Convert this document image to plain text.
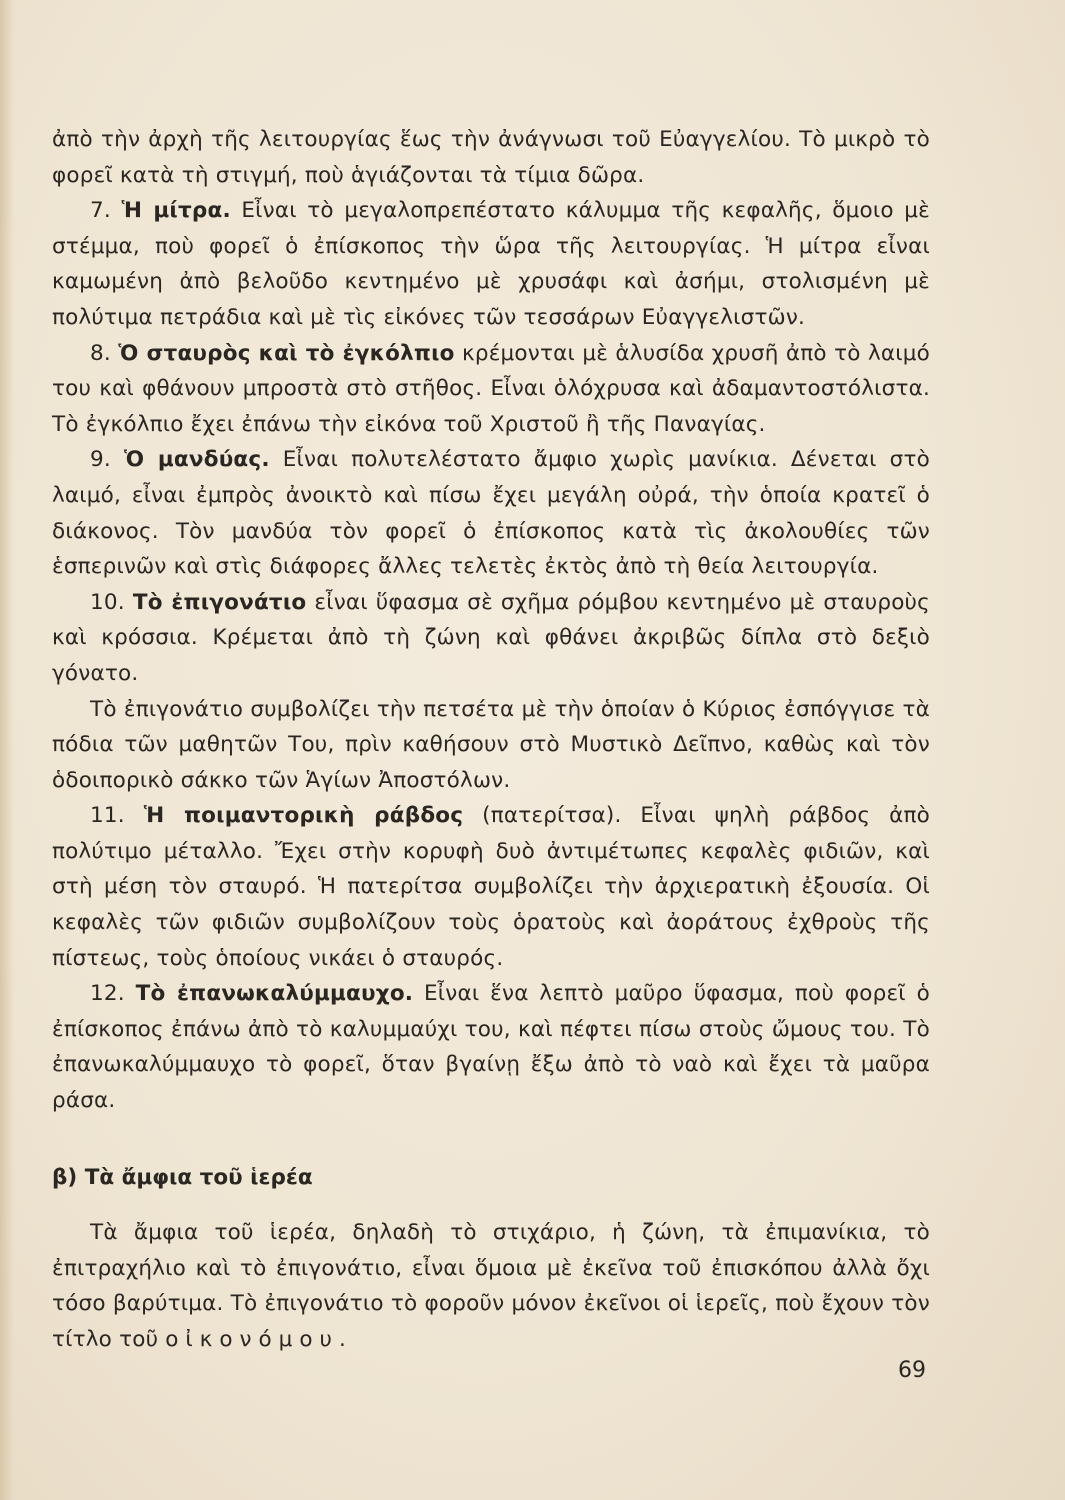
ἀπὸ τὴν ἀρχὴ τῆς λειτουργίας ἕως τὴν ἀνάγνωσι τοῦ Εὐαγγελίου. Τὸ μικρὸ τὸ φορεῖ κατὰ τὴ στιγμή, ποὺ ἁγιάζονται τὰ τίμια δῶρα.

7. Ἡ μίτρα. Εἶναι τὸ μεγαλοπρεπέστατο κάλυμμα τῆς κεφαλῆς, ὅμοιο μὲ στέμμα, ποὺ φορεῖ ὁ ἐπίσκοπος τὴν ὥρα τῆς λειτουργίας. Ἡ μίτρα εἶναι καμωμένη ἀπὸ βελοῦδο κεντημένο μὲ χρυσάφι καὶ ἀσήμι, στολισμένη μὲ πολύτιμα πετράδια καὶ μὲ τὶς εἰκόνες τῶν τεσσάρων Εὐαγγελιστῶν.

8. Ὁ σταυρὸς καὶ τὸ ἐγκόλπιο κρέμονται μὲ ἁλυσίδα χρυσῆ ἀπὸ τὸ λαιμό του καὶ φθάνουν μπροστὰ στὸ στῆθος. Εἶναι ὁλόχρυσα καὶ ἀδαμαντοστόλιστα. Τὸ ἐγκόλπιο ἔχει ἐπάνω τὴν εἰκόνα τοῦ Χριστοῦ ἢ τῆς Παναγίας.

9. Ὁ μανδύας. Εἶναι πολυτελέστατο ἄμφιο χωρὶς μανίκια. Δένεται στὸ λαιμό, εἶναι ἐμπρὸς ἀνοικτὸ καὶ πίσω ἔχει μεγάλη οὐρά, τὴν ὁποία κρατεῖ ὁ διάκονος. Τὸν μανδύα τὸν φορεῖ ὁ ἐπίσκοπος κατὰ τὶς ἀκολουθίες τῶν ἑσπερινῶν καὶ στὶς διάφορες ἄλλες τελετὲς ἐκτὸς ἀπὸ τὴ θεία λειτουργία.

10. Τὸ ἐπιγονάτιο εἶναι ὕφασμα σὲ σχῆμα ρόμβου κεντημένο μὲ σταυροὺς καὶ κρόσσια. Κρέμεται ἀπὸ τὴ ζώνη καὶ φθάνει ἀκριβῶς δίπλα στὸ δεξιὸ γόνατο.

Τὸ ἐπιγονάτιο συμβολίζει τὴν πετσέτα μὲ τὴν ὁποίαν ὁ Κύριος ἐσπόγγισε τὰ πόδια τῶν μαθητῶν Του, πρὶν καθήσουν στὸ Μυστικὸ Δεῖπνο, καθὼς καὶ τὸν ὁδοιπορικὸ σάκκο τῶν Ἁγίων Ἀποστόλων.

11. Ἡ ποιμαντορικὴ ράβδος (πατερίτσα). Εἶναι ψηλὴ ράβδος ἀπὸ πολύτιμο μέταλλο. Ἔχει στὴν κορυφὴ δυὸ ἀντιμέτωπες κεφαλὲς φιδιῶν, καὶ στὴ μέση τὸν σταυρό. Ἡ πατερίτσα συμβολίζει τὴν ἀρχιερατικὴ ἐξουσία. Οἱ κεφαλὲς τῶν φιδιῶν συμβολίζουν τοὺς ὁρατοὺς καὶ ἀοράτους ἐχθροὺς τῆς πίστεως, τοὺς ὁποίους νικάει ὁ σταυρός.

12. Τὸ ἐπανωκαλύμμαυχο. Εἶναι ἕνα λεπτὸ μαῦρο ὕφασμα, ποὺ φορεῖ ὁ ἐπίσκοπος ἐπάνω ἀπὸ τὸ καλυμμαύχι του, καὶ πέφτει πίσω στοὺς ὤμους του. Τὸ ἐπανωκαλύμμαυχο τὸ φορεῖ, ὅταν βγαίνῃ ἔξω ἀπὸ τὸ ναὸ καὶ ἔχει τὰ μαῦρα ράσα.

β) Τὰ ἄμφια τοῦ ἱερέα

Τὰ ἄμφια τοῦ ἱερέα, δηλαδὴ τὸ στιχάριο, ἡ ζώνη, τὰ ἐπιμανίκια, τὸ ἐπιτραχήλιο καὶ τὸ ἐπιγονάτιο, εἶναι ὅμοια μὲ ἐκεῖνα τοῦ ἐπισκόπου ἀλλὰ ὄχι τόσο βαρύτιμα. Τὸ ἐπιγονάτιο τὸ φοροῦν μόνον ἐκεῖνοι οἱ ἱερεῖς, ποὺ ἔχουν τὸν τίτλο τοῦ οἰκονόμου.

69
